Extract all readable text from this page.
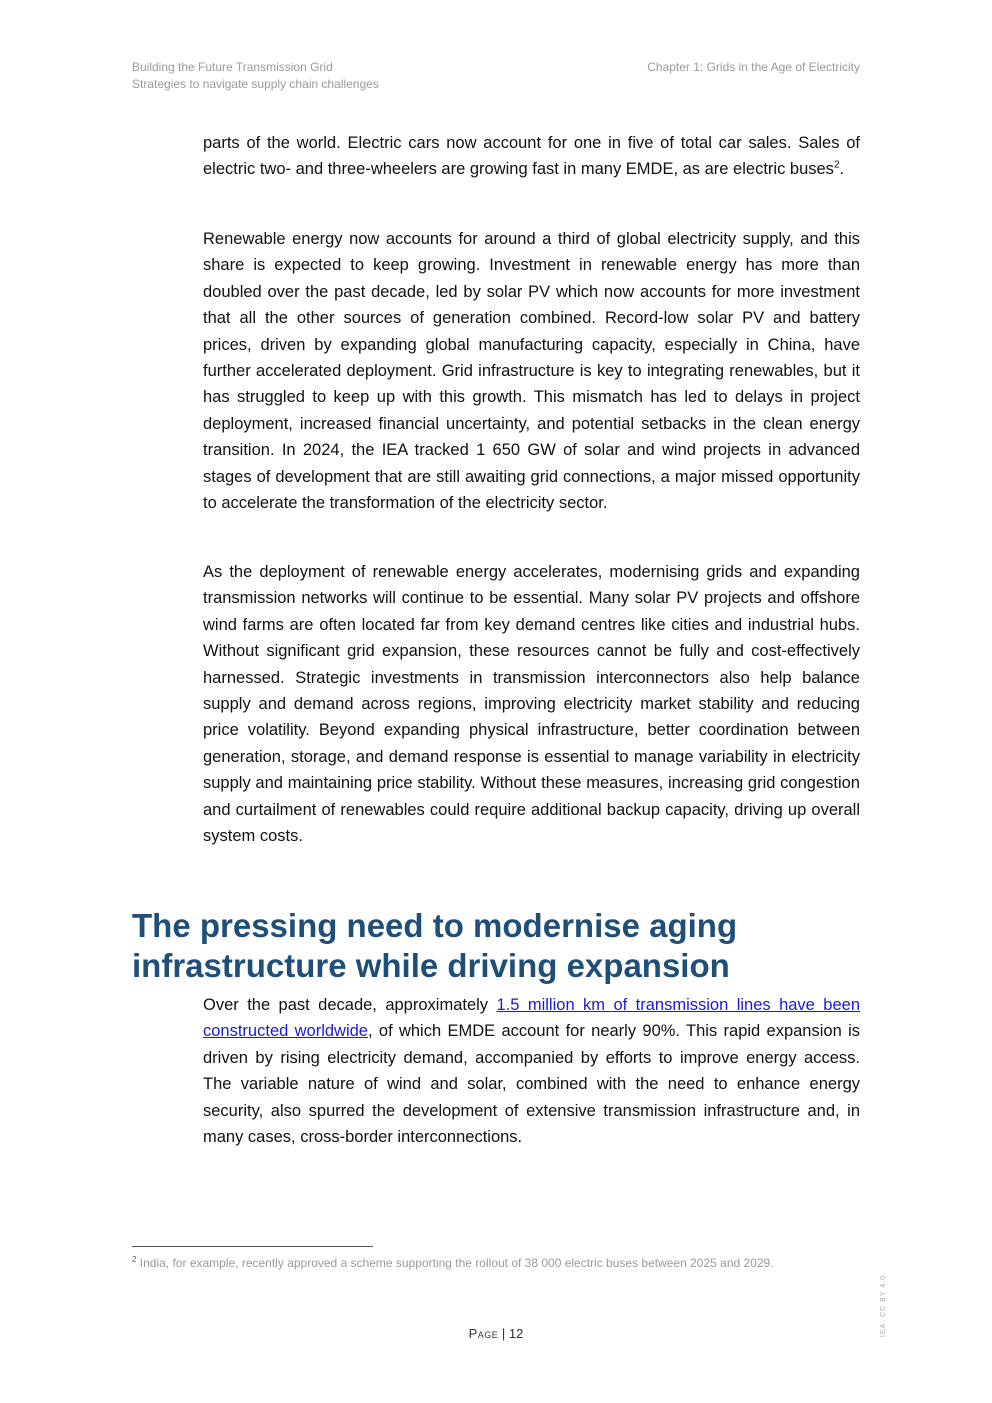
Building the Future Transmission Grid
Strategies to navigate supply chain challenges
Chapter 1: Grids in the Age of Electricity

parts of the world. Electric cars now account for one in five of total car sales. Sales of electric two- and three-wheelers are growing fast in many EMDE, as are electric buses$^2$.

Renewable energy now accounts for around a third of global electricity supply, and this share is expected to keep growing. Investment in renewable energy has more than doubled over the past decade, led by solar PV which now accounts for more investment that all the other sources of generation combined. Record-low solar PV and battery prices, driven by expanding global manufacturing capacity, especially in China, have further accelerated deployment. Grid infrastructure is key to integrating renewables, but it has struggled to keep up with this growth. This mismatch has led to delays in project deployment, increased financial uncertainty, and potential setbacks in the clean energy transition. In 2024, the IEA tracked 1 650 GW of solar and wind projects in advanced stages of development that are still awaiting grid connections, a major missed opportunity to accelerate the transformation of the electricity sector.

As the deployment of renewable energy accelerates, modernising grids and expanding transmission networks will continue to be essential. Many solar PV projects and offshore wind farms are often located far from key demand centres like cities and industrial hubs. Without significant grid expansion, these resources cannot be fully and cost-effectively harnessed. Strategic investments in transmission interconnectors also help balance supply and demand across regions, improving electricity market stability and reducing price volatility. Beyond expanding physical infrastructure, better coordination between generation, storage, and demand response is essential to manage variability in electricity supply and maintaining price stability. Without these measures, increasing grid congestion and curtailment of renewables could require additional backup capacity, driving up overall system costs.

The pressing need to modernise aging infrastructure while driving expansion

Over the past decade, approximately 1.5 million km of transmission lines have been constructed worldwide, of which EMDE account for nearly 90%. This rapid expansion is driven by rising electricity demand, accompanied by efforts to improve energy access. The variable nature of wind and solar, combined with the need to enhance energy security, also spurred the development of extensive transmission infrastructure and, in many cases, cross-border interconnections.

$^2$ India, for example, recently approved a scheme supporting the rollout of 38 000 electric buses between 2025 and 2029.
Page | 12	IEA. CC BY 4.0.
